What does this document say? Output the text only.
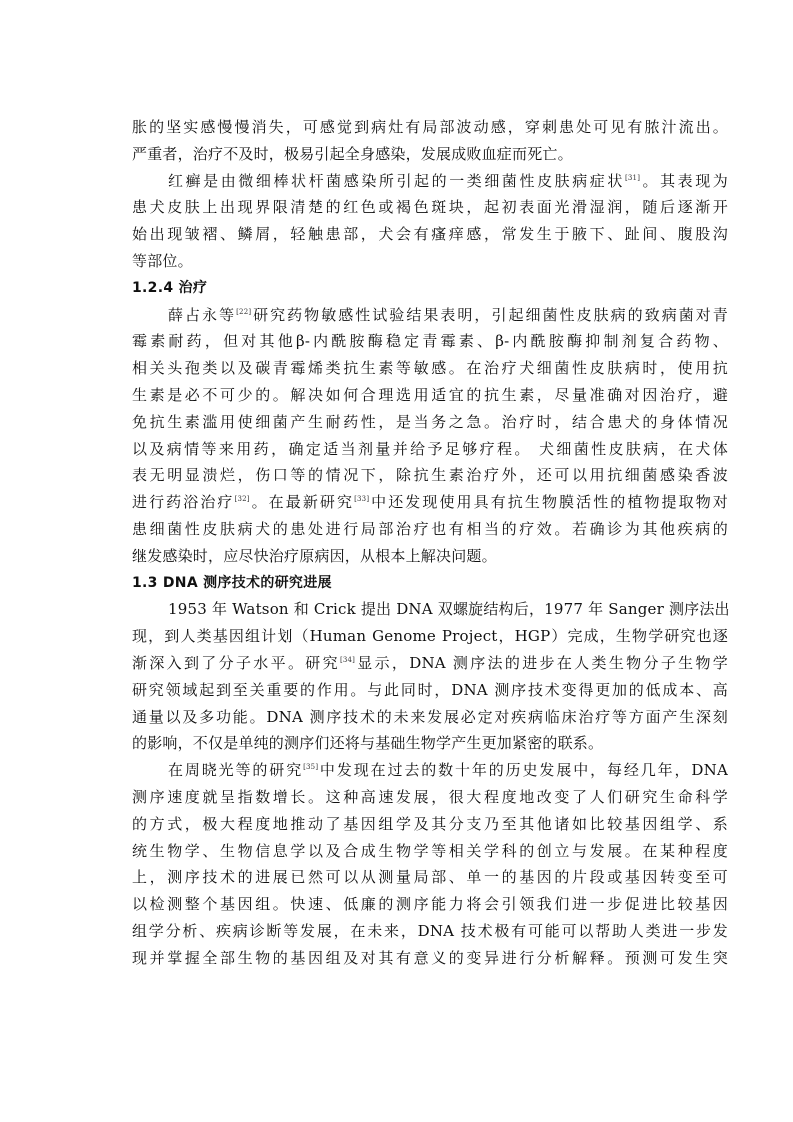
胀的坚实感慢慢消失，可感觉到病灶有局部波动感，穿刺患处可见有脓汁流出。
严重者，治疗不及时，极易引起全身感染，发展成败血症而死亡。
红癣是由微细棒状杆菌感染所引起的一类细菌性皮肤病症状[31]。其表现为
患犬皮肤上出现界限清楚的红色或褐色斑块，起初表面光滑湿润，随后逐渐开
始出现皱褶、鳞屑，轻触患部，犬会有瘙痒感，常发生于腋下、趾间、腹股沟
等部位。
1.2.4 治疗
薛占永等[22]研究药物敏感性试验结果表明，引起细菌性皮肤病的致病菌对青
霉素耐药，但对其他β-内酰胺酶稳定青霉素、β-内酰胺酶抑制剂复合药物、
相关头孢类以及碳青霉烯类抗生素等敏感。在治疗犬细菌性皮肤病时，使用抗
生素是必不可少的。解决如何合理选用适宜的抗生素，尽量准确对因治疗，避
免抗生素滥用使细菌产生耐药性，是当务之急。治疗时，结合患犬的身体情况
以及病情等来用药，确定适当剂量并给予足够疗程。 犬细菌性皮肤病，在犬体
表无明显溃烂，伤口等的情况下，除抗生素治疗外，还可以用抗细菌感染香波
进行药浴治疗[32]。在最新研究[33]中还发现使用具有抗生物膜活性的植物提取物对
患细菌性皮肤病犬的患处进行局部治疗也有相当的疗效。若确诊为其他疾病的
继发感染时，应尽快治疗原病因，从根本上解决问题。
1.3 DNA 测序技术的研究进展
1953 年 Watson 和 Crick 提出 DNA 双螺旋结构后，1977 年 Sanger 测序法出
现，到人类基因组计划（Human Genome Project，HGP）完成，生物学研究也逐
渐深入到了分子水平。研究[34]显示，DNA 测序法的进步在人类生物分子生物学
研究领域起到至关重要的作用。与此同时，DNA 测序技术变得更加的低成本、高
通量以及多功能。DNA 测序技术的未来发展必定对疾病临床治疗等方面产生深刻
的影响，不仅是单纯的测序们还将与基础生物学产生更加紧密的联系。
在周晓光等的研究[35]中发现在过去的数十年的历史发展中，每经几年，DNA
测序速度就呈指数增长。这种高速发展，很大程度地改变了人们研究生命科学
的方式，极大程度地推动了基因组学及其分支乃至其他诸如比较基因组学、系
统生物学、生物信息学以及合成生物学等相关学科的创立与发展。在某种程度
上，测序技术的进展已然可以从测量局部、单一的基因的片段或基因转变至可
以检测整个基因组。快速、低廉的测序能力将会引领我们进一步促进比较基因
组学分析、疾病诊断等发展，在未来，DNA 技术极有可能可以帮助人类进一步发
现并掌握全部生物的基因组及对其有意义的变异进行分析解释。预测可发生突
